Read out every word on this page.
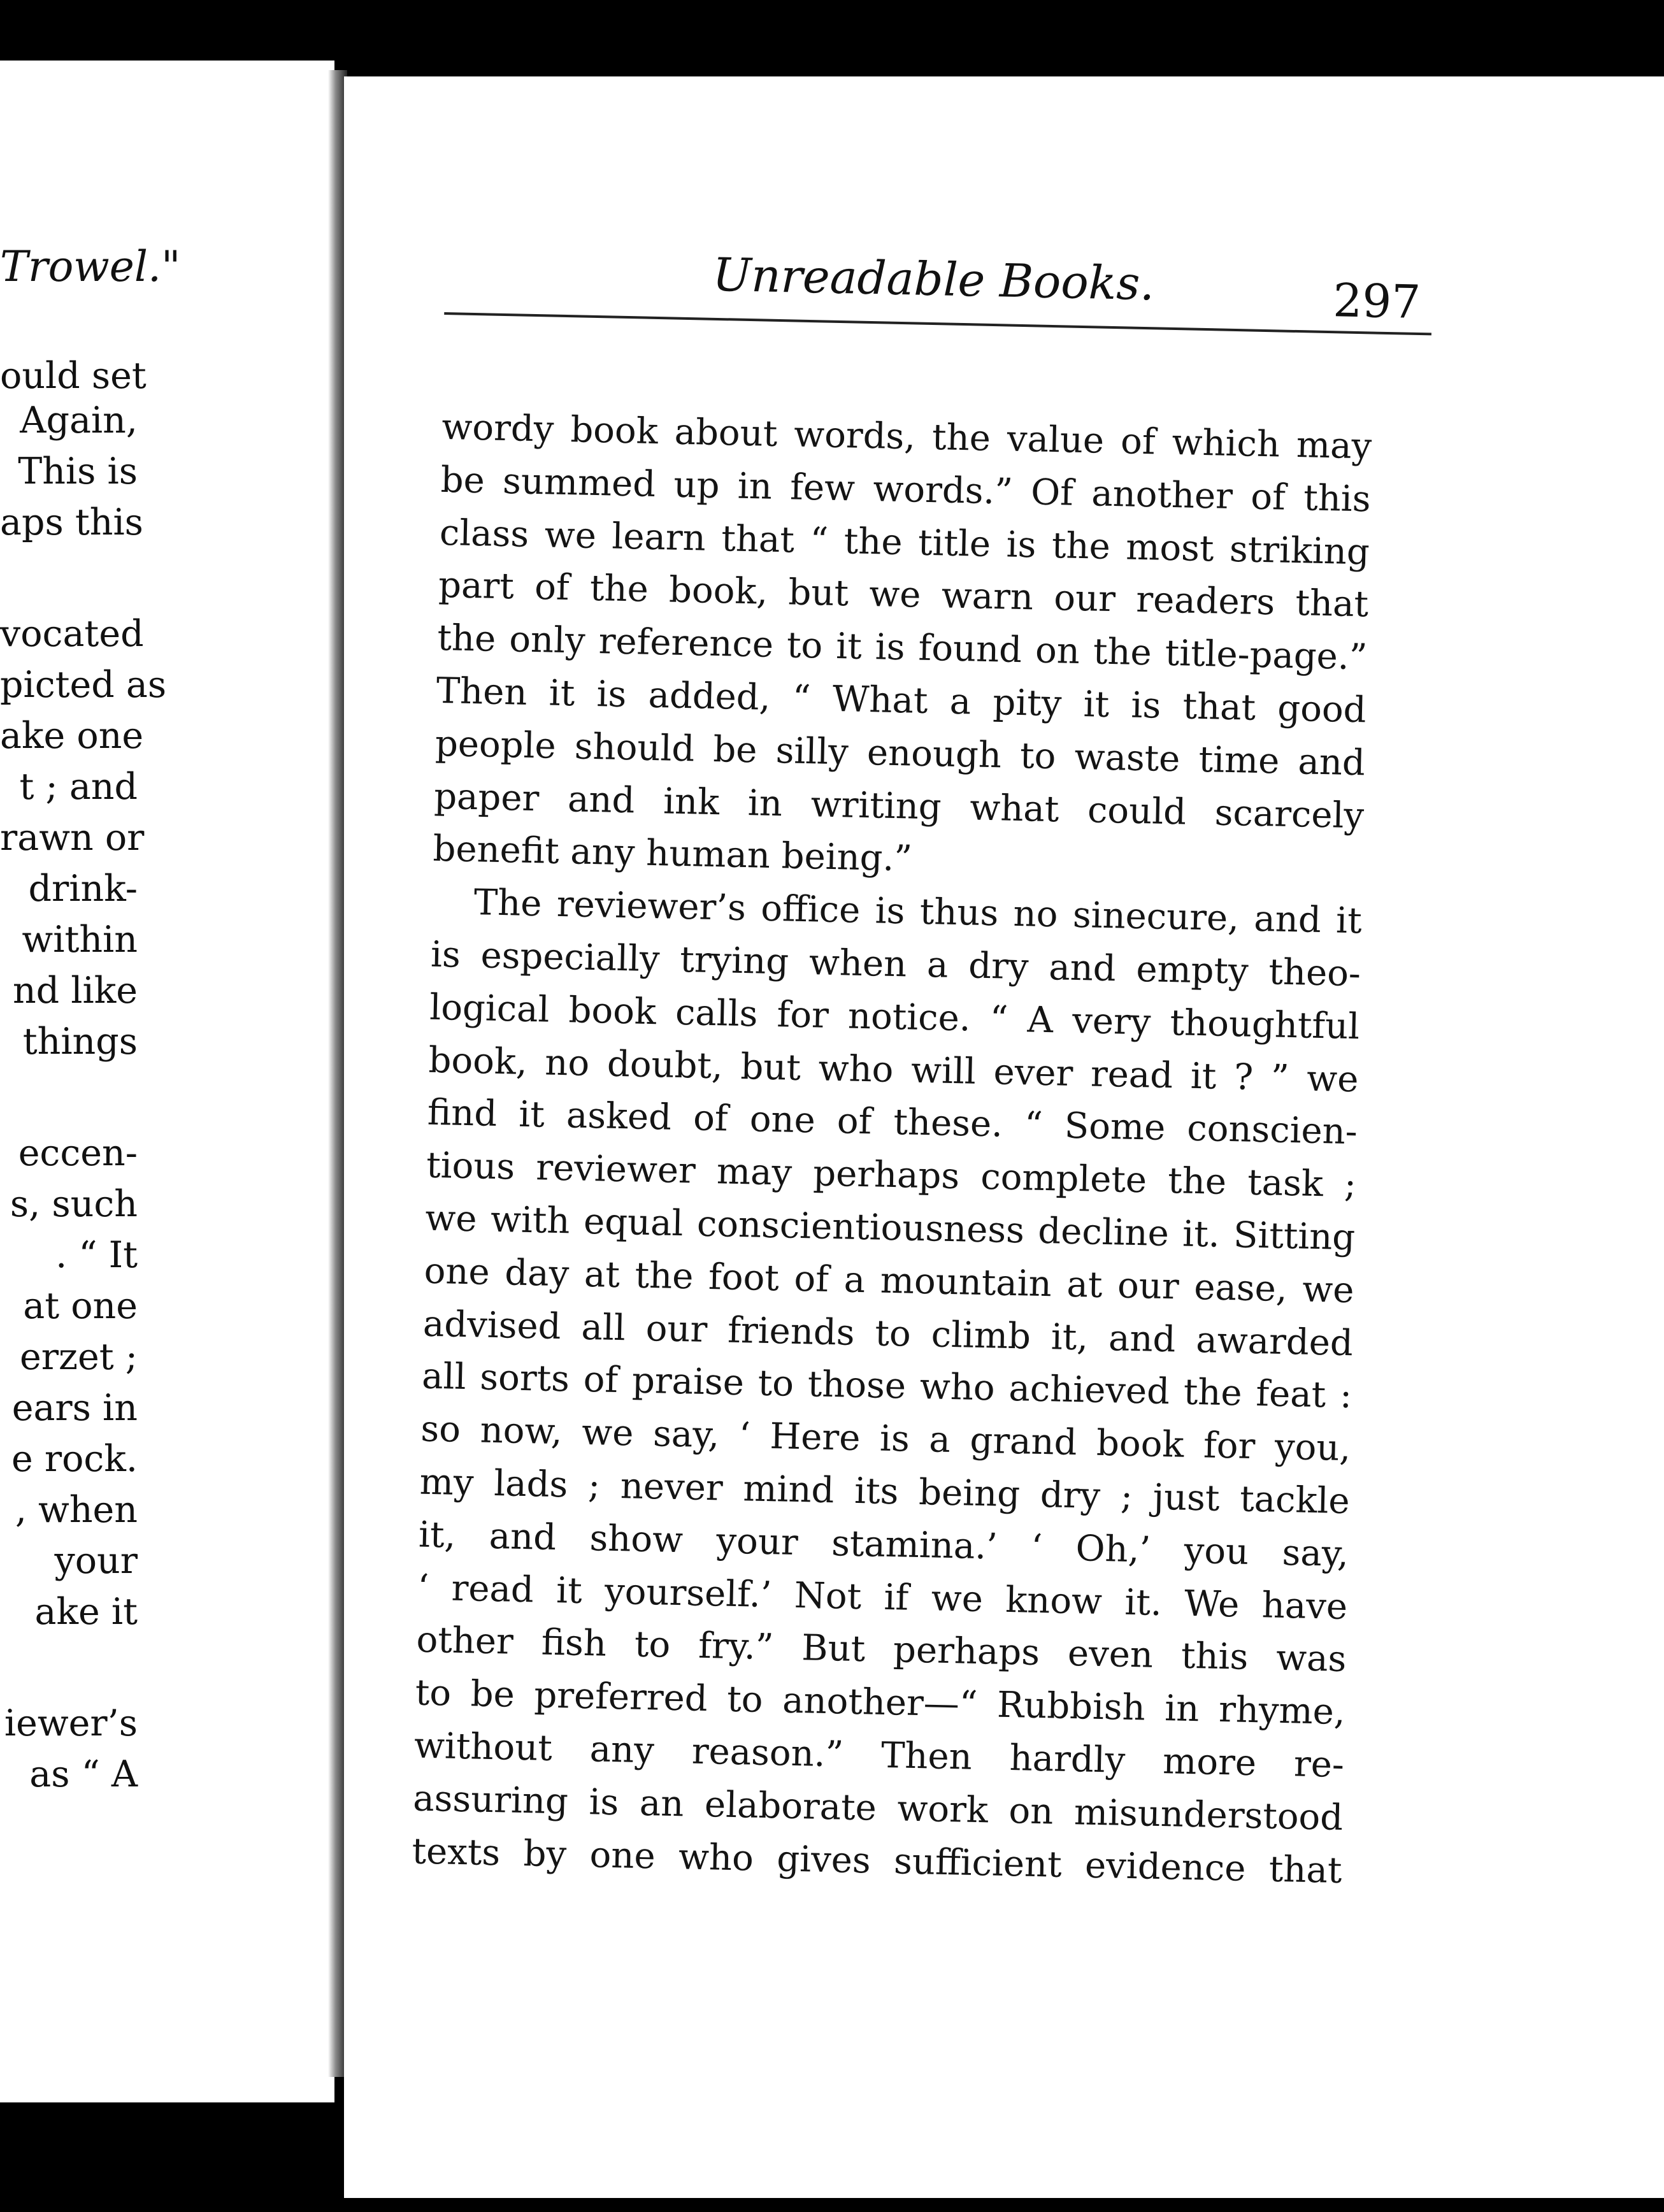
Trowel."
ould set
Again,
This is
aps this
vocated
picted as
ake one
t ; and
rawn or
drink-
within
nd like
things
eccen-
s, such
. “ It
at one
erzet ;
ears in
e rock.
, when
your
ake it
iewer’s
as “ A
Unreadable Books.	297
wordy book about words, the value of which may
be summed up in few words.” Of another of this
class we learn that “ the title is the most striking
part of the book, but we warn our readers that
the only reference to it is found on the title-page.”
Then it is added, “ What a pity it is that good
people should be silly enough to waste time and
paper and ink in writing what could scarcely
benefit any human being.”
The reviewer’s office is thus no sinecure, and it
is especially trying when a dry and empty theo-
logical book calls for notice. “ A very thoughtful
book, no doubt, but who will ever read it ? ” we
find it asked of one of these. “ Some conscien-
tious reviewer may perhaps complete the task ;
we with equal conscientiousness decline it. Sitting
one day at the foot of a mountain at our ease, we
advised all our friends to climb it, and awarded
all sorts of praise to those who achieved the feat :
so now, we say, ‘ Here is a grand book for you,
my lads ; never mind its being dry ; just tackle
it, and show your stamina.’ ‘ Oh,’ you say,
‘ read it yourself.’ Not if we know it. We have
other fish to fry.” But perhaps even this was
to be preferred to another—“ Rubbish in rhyme,
without any reason.” Then hardly more re-
assuring is an elaborate work on misunderstood
texts by one who gives sufficient evidence that
